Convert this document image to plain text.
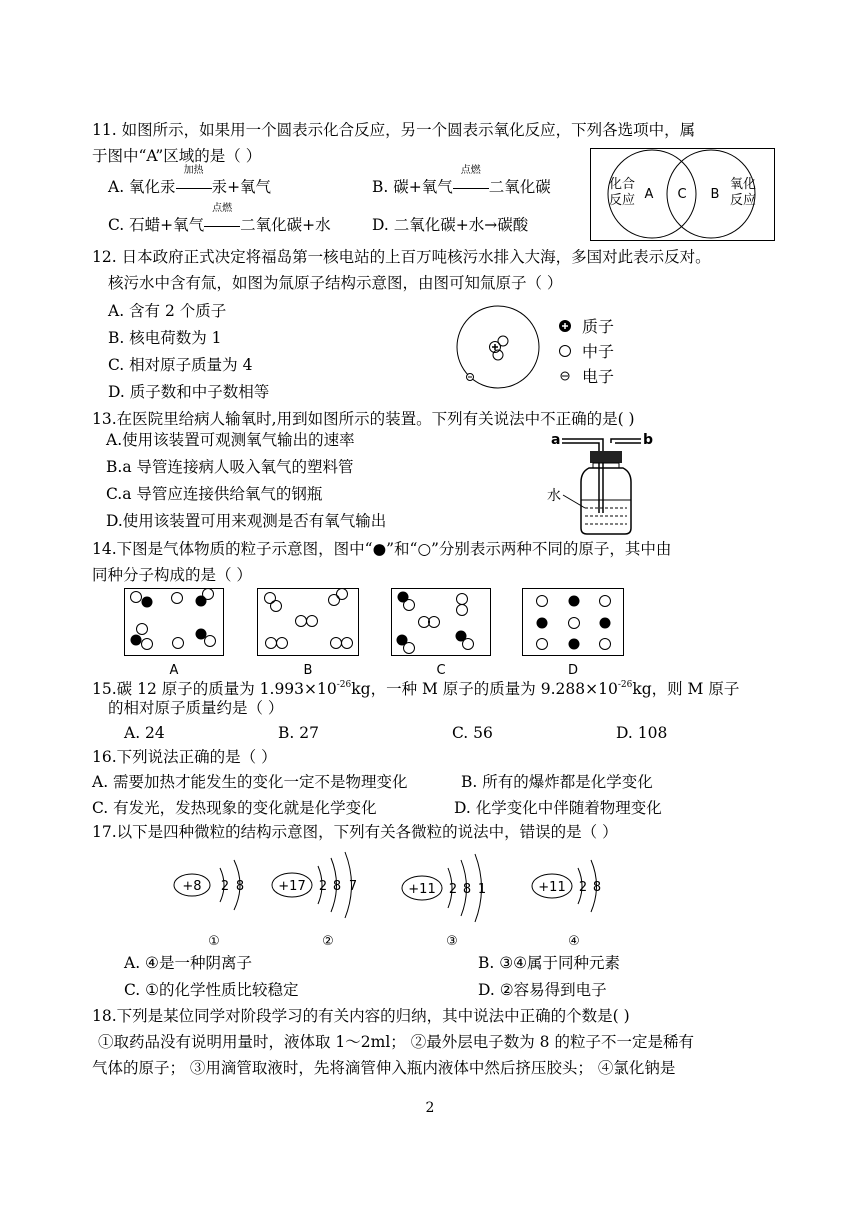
11. 如图所示，如果用一个圆表示化合反应，另一个圆表示氧化反应，下列各选项中，属
于图中“A”区域的是（ ）
A. 氧化汞
加热
汞+氧气	B. 碳+氧气
点燃
二氧化碳
C. 石蜡+氧气
点燃
二氧化碳+水	D. 二氧化碳+水→碳酸
化合
反应 A C B
氧化
反应
12. 日本政府正式决定将福岛第一核电站的上百万吨核污水排入大海，多国对此表示反对。
核污水中含有氚，如图为氚原子结构示意图，由图可知氚原子（ ）
A. 含有 2 个质子
B. 核电荷数为 1
C. 相对原子质量为 4
D. 质子数和中子数相等
质子
中子
电子
13.在医院里给病人输氧时,用到如图所示的装置。下列有关说法中不正确的是( )
A.使用该装置可观测氧气输出的速率
B.a 导管连接病人吸入氧气的塑料管
C.a 导管应连接供给氧气的钢瓶
D.使用该装置可用来观测是否有氧气输出
a	b
水
14.下图是气体物质的粒子示意图，图中“●”和“○”分别表示两种不同的原子，其中由
同种分子构成的是（ ）
A	B	C	D
15.碳 12 原子的质量为 $1.993\times 10^{-26}kg$，一种 M 原子的质量为 $9.288\times 10^{-26}kg$，则 M 原子
的相对原子质量约是（ ）
A. 24	B. 27	C. 56	D. 108
16.下列说法正确的是（ ）
A. 需要加热才能发生的变化一定不是物理变化	B. 所有的爆炸都是化学变化
C. 有发光，发热现象的变化就是化学变化	D. 化学变化中伴随着物理变化
17.以下是四种微粒的结构示意图，下列有关各微粒的说法中，错误的是（ ）
+8 2 8
①
+17 2 8 7
②
+11 2 8 1
③
+11 2 8
④
A. ④是一种阴离子	B. ③④属于同种元素
C. ①的化学性质比较稳定	D. ②容易得到电子
18.下列是某位同学对阶段学习的有关内容的归纳，其中说法中正确的个数是( )
①取药品没有说明用量时，液体取 1～2ml； ②最外层电子数为 8 的粒子不一定是稀有
气体的原子； ③用滴管取液时，先将滴管伸入瓶内液体中然后挤压胶头； ④氯化钠是
2
